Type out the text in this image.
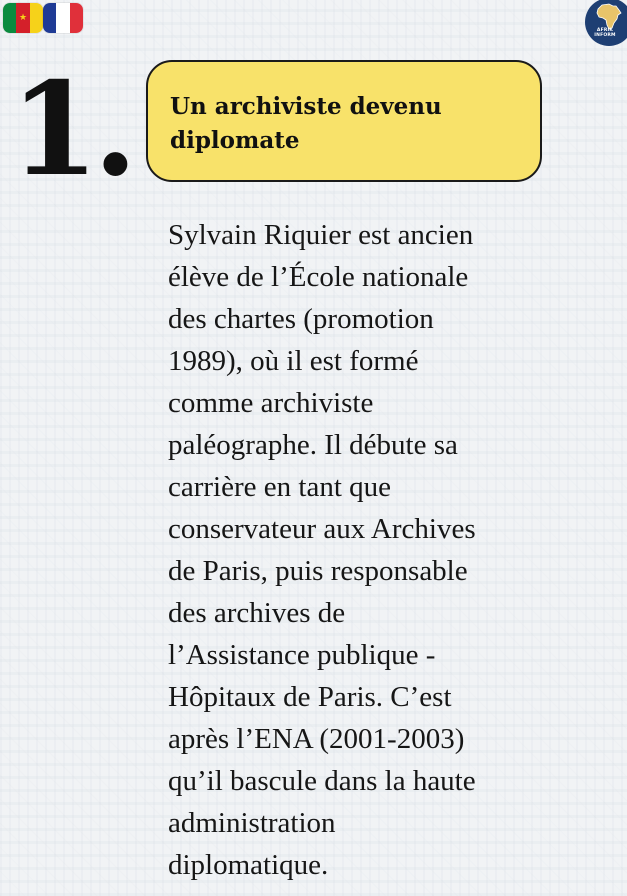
★
AFRIK
INFORM
1. Un archiviste devenu
diplomate

Sylvain Riquier est ancien
élève de l’École nationale
des chartes (promotion
1989), où il est formé
comme archiviste
paléographe. Il débute sa
carrière en tant que
conservateur aux Archives
de Paris, puis responsable
des archives de
l’Assistance publique -
Hôpitaux de Paris. C’est
après l’ENA (2001-2003)
qu’il bascule dans la haute
administration
diplomatique.
